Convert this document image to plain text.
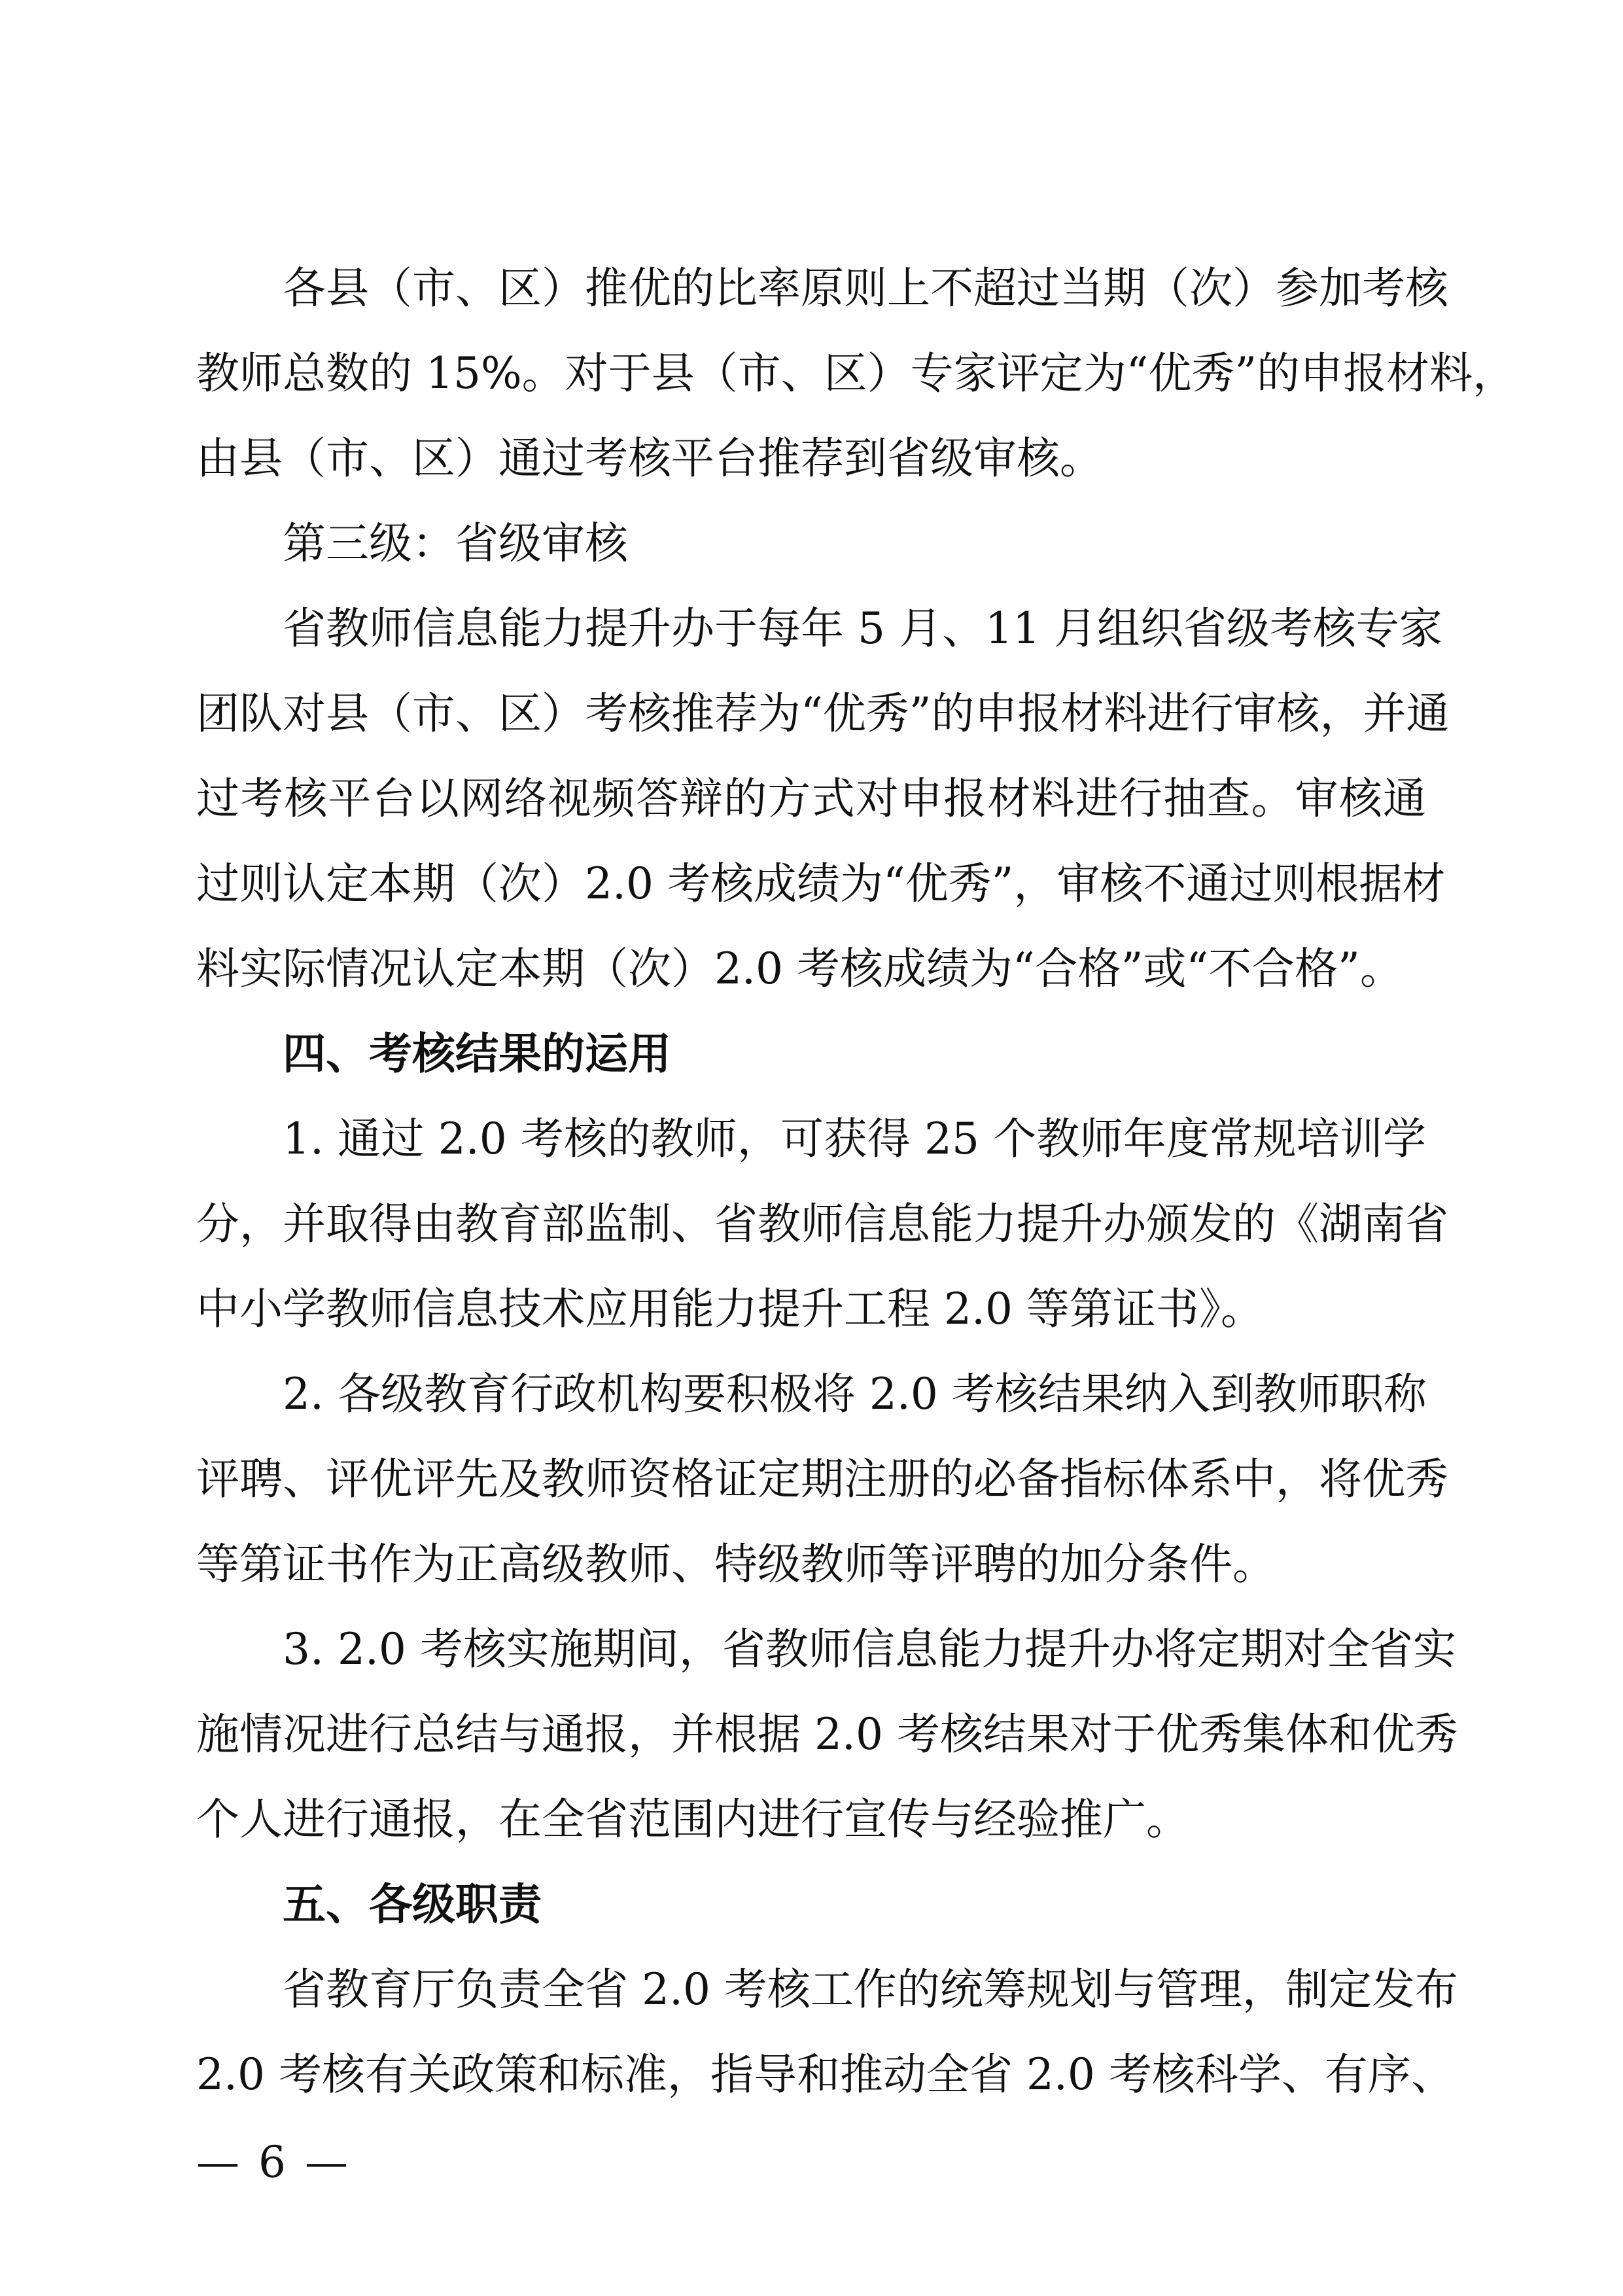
各县（市、区）推优的比率原则上不超过当期（次）参加考核
教师总数的 15%。对于县（市、区）专家评定为“优秀”的申报材料，
由县（市、区）通过考核平台推荐到省级审核。
第三级：省级审核
省教师信息能力提升办于每年 5 月、11 月组织省级考核专家
团队对县（市、区）考核推荐为“优秀”的申报材料进行审核，并通
过考核平台以网络视频答辩的方式对申报材料进行抽查。审核通
过则认定本期（次）2.0 考核成绩为“优秀”，审核不通过则根据材
料实际情况认定本期（次）2.0 考核成绩为“合格”或“不合格”。
四、考核结果的运用
1. 通过 2.0 考核的教师，可获得 25 个教师年度常规培训学
分，并取得由教育部监制、省教师信息能力提升办颁发的《湖南省
中小学教师信息技术应用能力提升工程 2.0 等第证书》。
2. 各级教育行政机构要积极将 2.0 考核结果纳入到教师职称
评聘、评优评先及教师资格证定期注册的必备指标体系中，将优秀
等第证书作为正高级教师、特级教师等评聘的加分条件。
3. 2.0 考核实施期间，省教师信息能力提升办将定期对全省实
施情况进行总结与通报，并根据 2.0 考核结果对于优秀集体和优秀
个人进行通报，在全省范围内进行宣传与经验推广。
五、各级职责
省教育厅负责全省 2.0 考核工作的统筹规划与管理，制定发布
2.0 考核有关政策和标准，指导和推动全省 2.0 考核科学、有序、
— 6 —
